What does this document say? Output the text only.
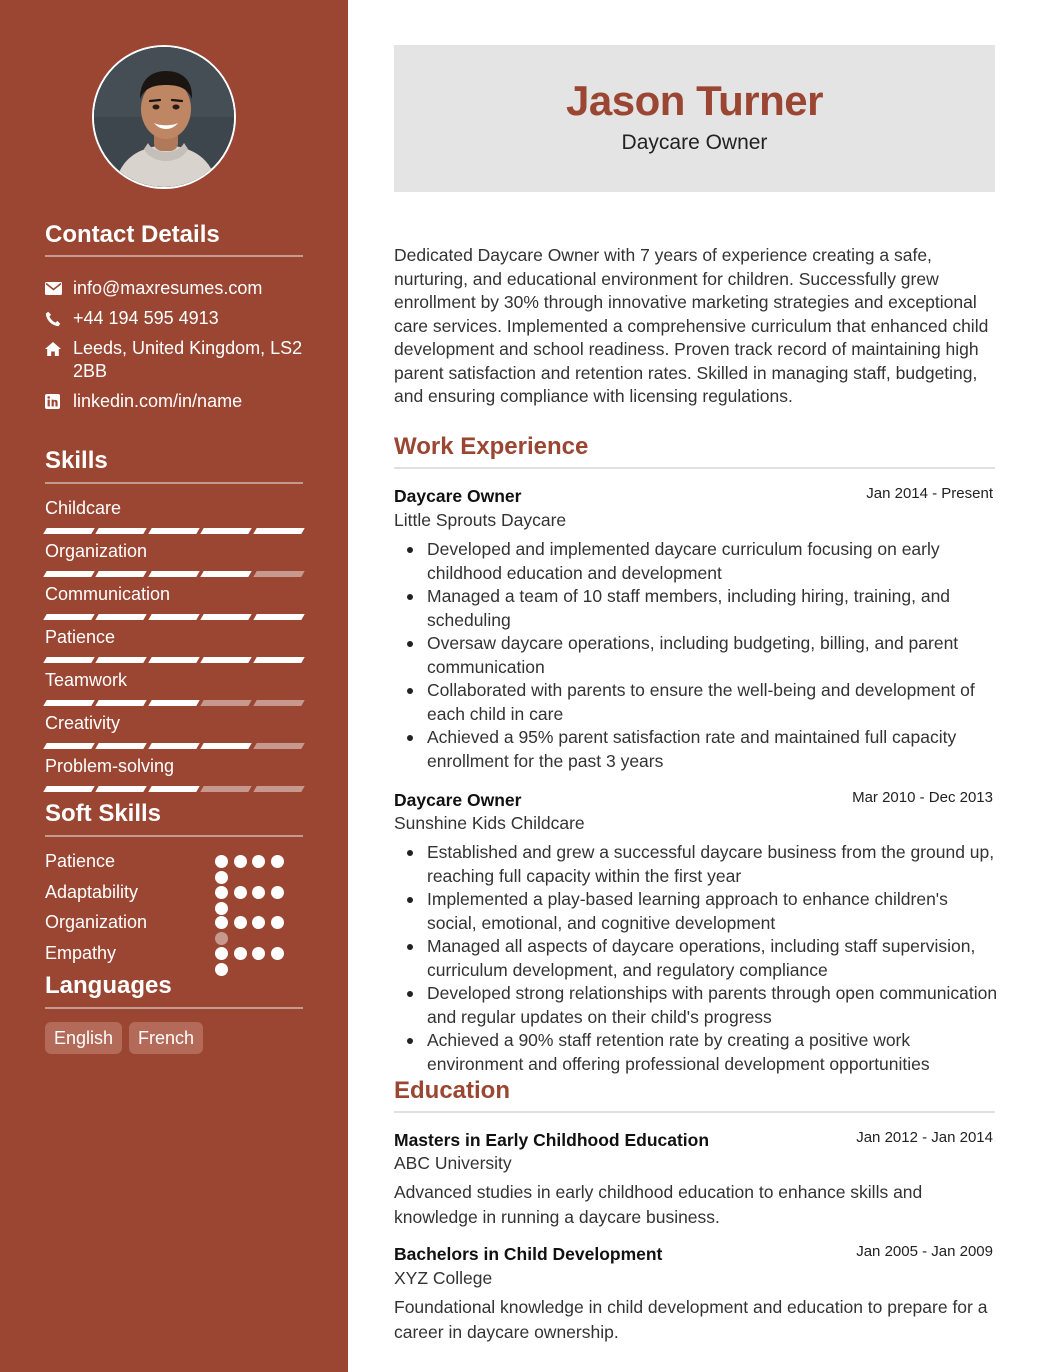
Contact Details
info@maxresumes.com
+44 194 595 4913
Leeds, United Kingdom, LS2 2BB
linkedin.com/in/name
Skills
Childcare
Organization
Communication
Patience
Teamwork
Creativity
Problem-solving
Soft Skills
Patience
Adaptability
Organization
Empathy
Languages
English	French
Jason Turner
Daycare Owner
Dedicated Daycare Owner with 7 years of experience creating a safe, nurturing, and educational environment for children. Successfully grew enrollment by 30% through innovative marketing strategies and exceptional care services. Implemented a comprehensive curriculum that enhanced child development and school readiness. Proven track record of maintaining high parent satisfaction and retention rates. Skilled in managing staff, budgeting, and ensuring compliance with licensing regulations.
Work Experience
Daycare Owner	Jan 2014 - Present
Little Sprouts Daycare
Developed and implemented daycare curriculum focusing on early childhood education and development
Managed a team of 10 staff members, including hiring, training, and scheduling
Oversaw daycare operations, including budgeting, billing, and parent communication
Collaborated with parents to ensure the well-being and development of each child in care
Achieved a 95% parent satisfaction rate and maintained full capacity enrollment for the past 3 years
Daycare Owner	Mar 2010 - Dec 2013
Sunshine Kids Childcare
Established and grew a successful daycare business from the ground up, reaching full capacity within the first year
Implemented a play-based learning approach to enhance children's social, emotional, and cognitive development
Managed all aspects of daycare operations, including staff supervision, curriculum development, and regulatory compliance
Developed strong relationships with parents through open communication and regular updates on their child's progress
Achieved a 90% staff retention rate by creating a positive work environment and offering professional development opportunities
Education
Masters in Early Childhood Education	Jan 2012 - Jan 2014
ABC University
Advanced studies in early childhood education to enhance skills and knowledge in running a daycare business.
Bachelors in Child Development	Jan 2005 - Jan 2009
XYZ College
Foundational knowledge in child development and education to prepare for a career in daycare ownership.
